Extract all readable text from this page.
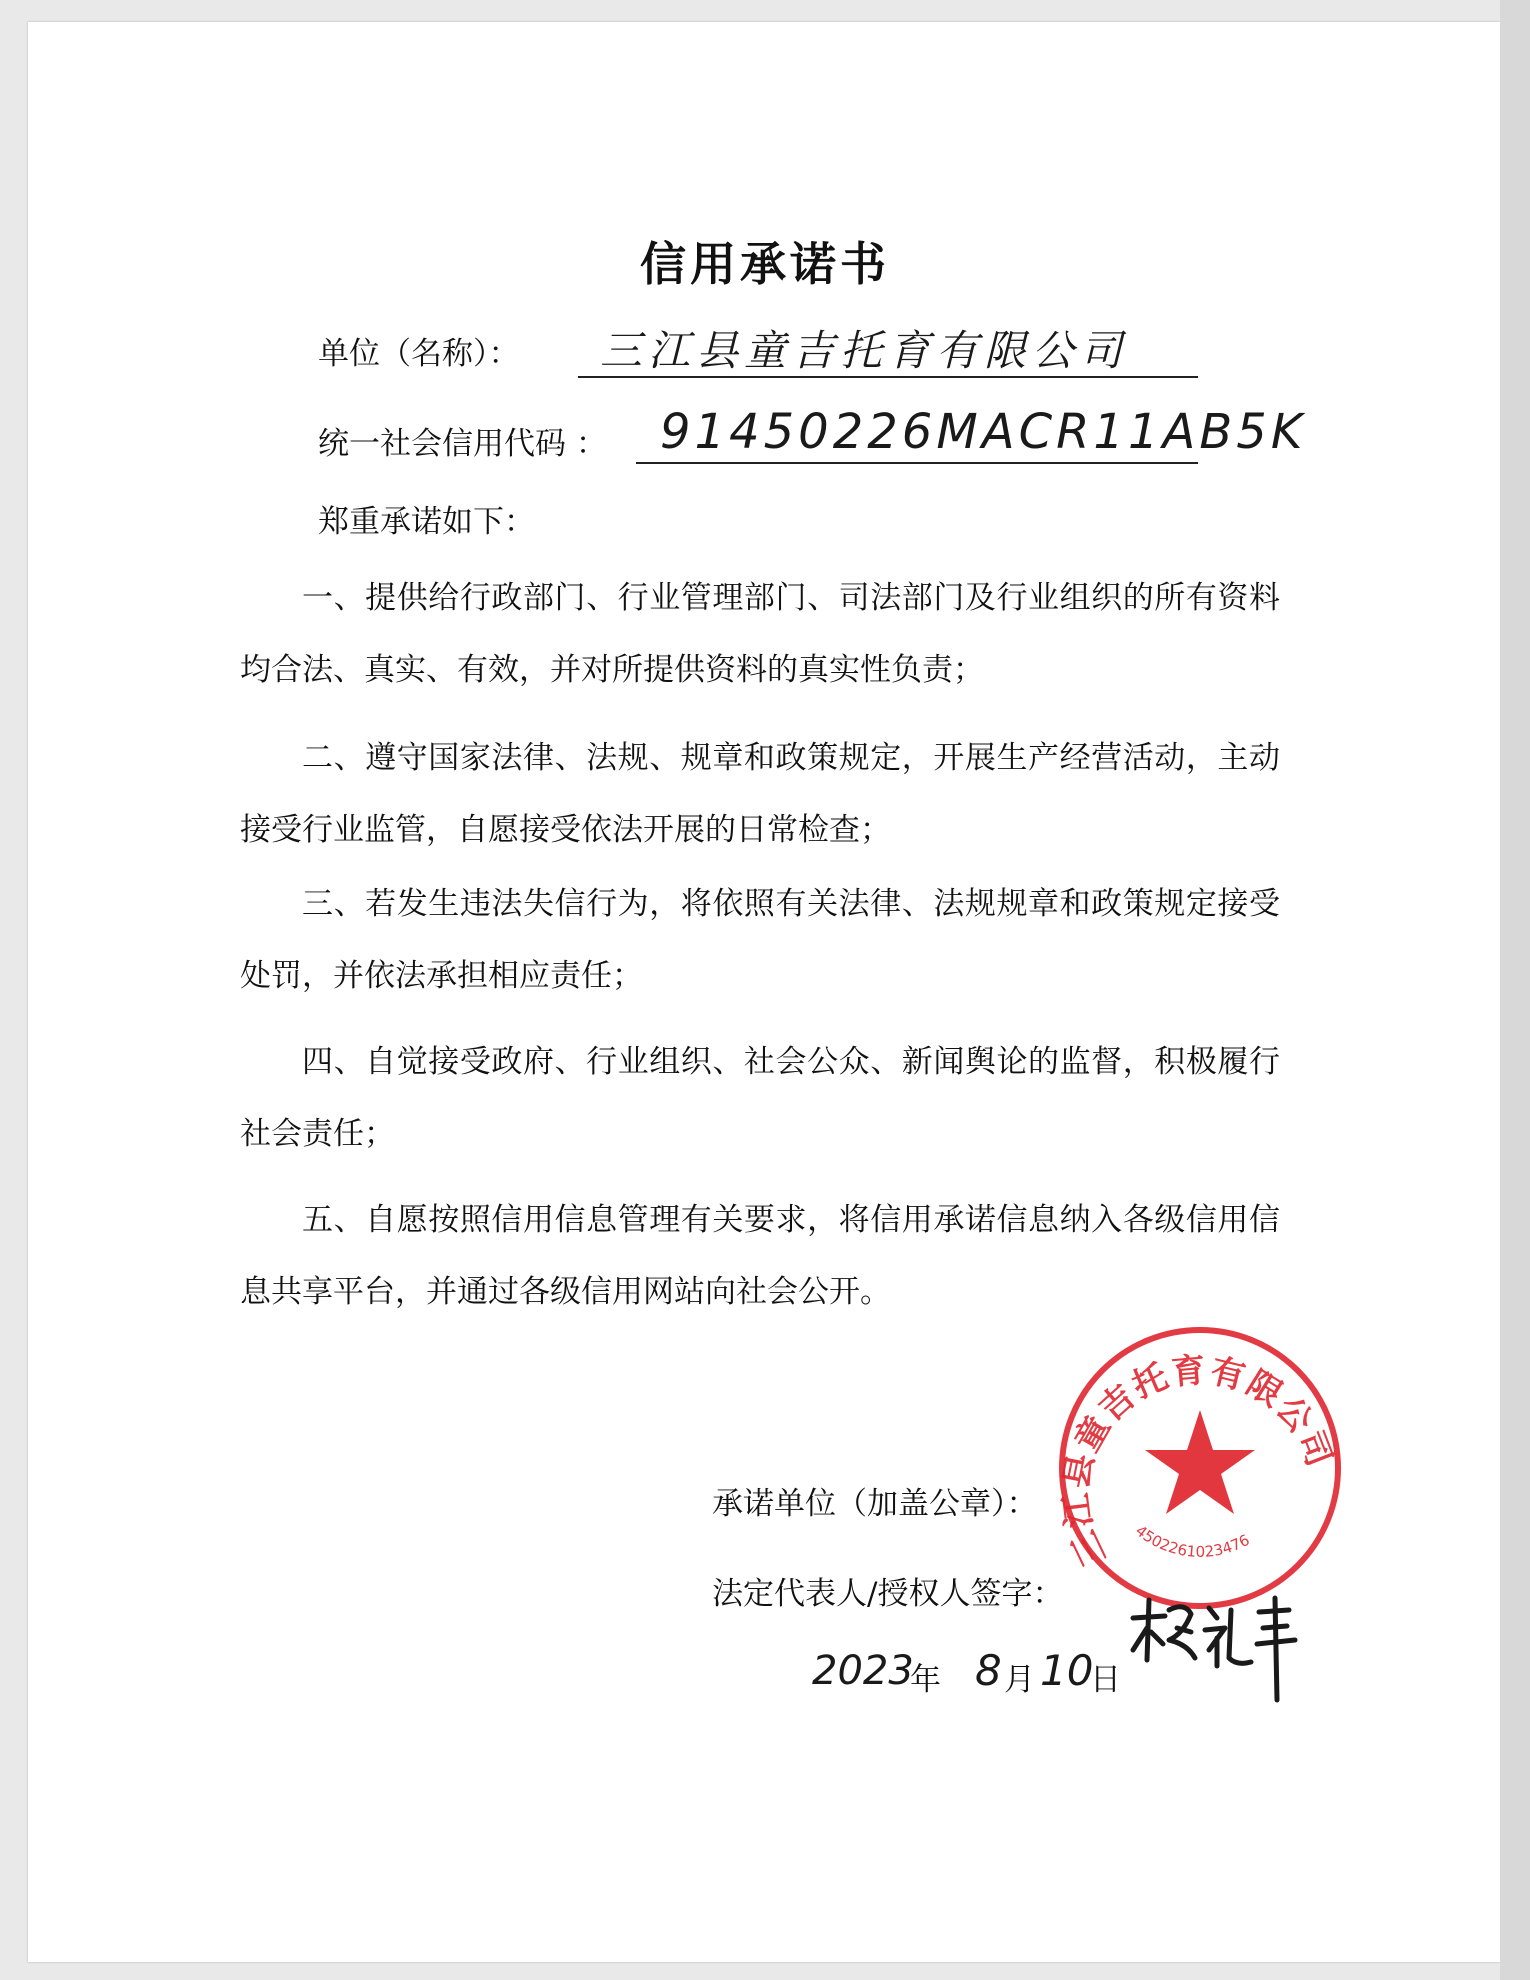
信用承诺书
单位（名称）： 三江县童吉托育有限公司
统一社会信用代码 ： 91450226MACR11AB5K
郑重承诺如下：
一、提供给行政部门、行业管理部门、司法部门及行业组织的所有资料均合法、真实、有效，并对所提供资料的真实性负责；
二、遵守国家法律、法规、规章和政策规定，开展生产经营活动，主动接受行业监管，自愿接受依法开展的日常检查；
三、若发生违法失信行为，将依照有关法律、法规规章和政策规定接受处罚，并依法承担相应责任；
四、自觉接受政府、行业组织、社会公众、新闻舆论的监督，积极履行社会责任；
五、自愿按照信用信息管理有关要求，将信用承诺信息纳入各级信用信息共享平台，并通过各级信用网站向社会公开。
三江县童吉托育有限公司
4502261023476
承诺单位（加盖公章）：
法定代表人/授权人签字：
2023
年 8 月 10
日
